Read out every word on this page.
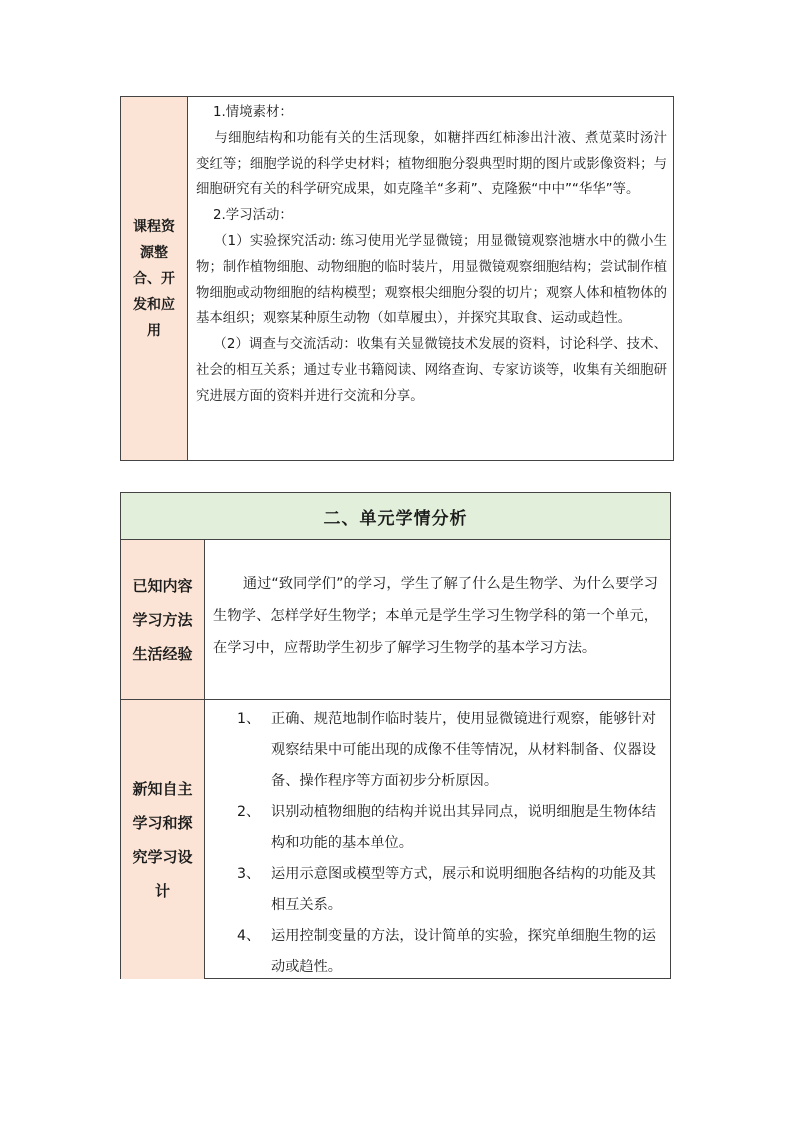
课程资源整合、开发和应用

1.情境素材：

与细胞结构和功能有关的生活现象，如糖拌西红柿渗出汁液、煮苋菜时汤汁变红等；细胞学说的科学史材料；植物细胞分裂典型时期的图片或影像资料；与细胞研究有关的科学研究成果，如克隆羊“多莉”、克隆猴“中中”“华华”等。

2.学习活动：

（1）实验探究活动: 练习使用光学显微镜；用显微镜观察池塘水中的微小生物；制作植物细胞、动物细胞的临时装片，用显微镜观察细胞结构；尝试制作植物细胞或动物细胞的结构模型；观察根尖细胞分裂的切片；观察人体和植物体的基本组织；观察某种原生动物（如草履虫），并探究其取食、运动或趋性。

（2）调查与交流活动：收集有关显微镜技术发展的资料，讨论科学、技术、社会的相互关系；通过专业书籍阅读、网络查询、专家访谈等，收集有关细胞研究进展方面的资料并进行交流和分享。

二、单元学情分析
已知内容学习方法生活经验

通过“致同学们”的学习，学生了解了什么是生物学、为什么要学习生物学、怎样学好生物学；本单元是学生学习生物学科的第一个单元，在学习中，应帮助学生初步了解学习生物学的基本学习方法。

新知自主学习和探究学习设计
1、 正确、规范地制作临时装片，使用显微镜进行观察，能够针对观察结果中可能出现的成像不佳等情况，从材料制备、仪器设备、操作程序等方面初步分析原因。
2、 识别动植物细胞的结构并说出其异同点，说明细胞是生物体结构和功能的基本单位。
3、 运用示意图或模型等方式，展示和说明细胞各结构的功能及其相互关系。
4、 运用控制变量的方法，设计简单的实验，探究单细胞生物的运动或趋性。
